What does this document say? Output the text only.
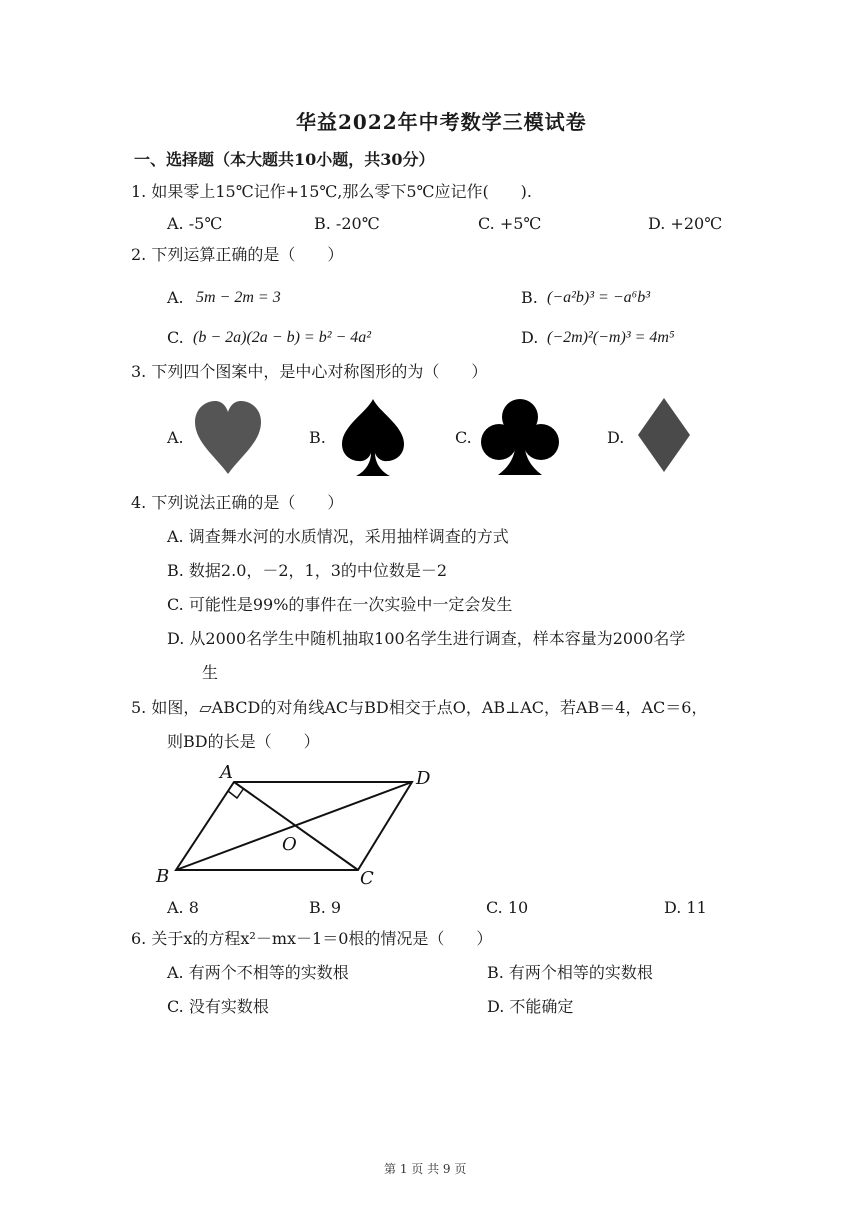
华益2022年中考数学三模试卷
一、选择题（本大题共10小题，共30分）
1. 如果零上15℃记作+15℃,那么零下5℃应记作(　　).
A. -5℃	B. -20℃	C. +5℃	D. +20℃
2. 下列运算正确的是（　　）
A. 5m − 2m = 3	B. (−a²b)³ = −a⁶b³
C. (b − 2a)(2a − b) = b² − 4a²	D. (−2m)²(−m)³ = 4m⁵
3. 下列四个图案中，是中心对称图形的为（　　）
A.	B.	C.	D.
4. 下列说法正确的是（　　）
A. 调查舞水河的水质情况，采用抽样调查的方式
B. 数据2.0，－2，1，3的中位数是－2
C. 可能性是99%的事件在一次实验中一定会发生
D. 从2000名学生中随机抽取100名学生进行调查，样本容量为2000名学
生
5. 如图，▱ABCD的对角线AC与BD相交于点O，AB⊥AC，若AB＝4，AC＝6，
则BD的长是（　　）
A	D
O
B	C
A. 8	B. 9	C. 10	D. 11
6. 关于x的方程x²－mx－1＝0根的情况是（　　）
A. 有两个不相等的实数根	B. 有两个相等的实数根
C. 没有实数根	D. 不能确定
第 1 页 共 9 页
